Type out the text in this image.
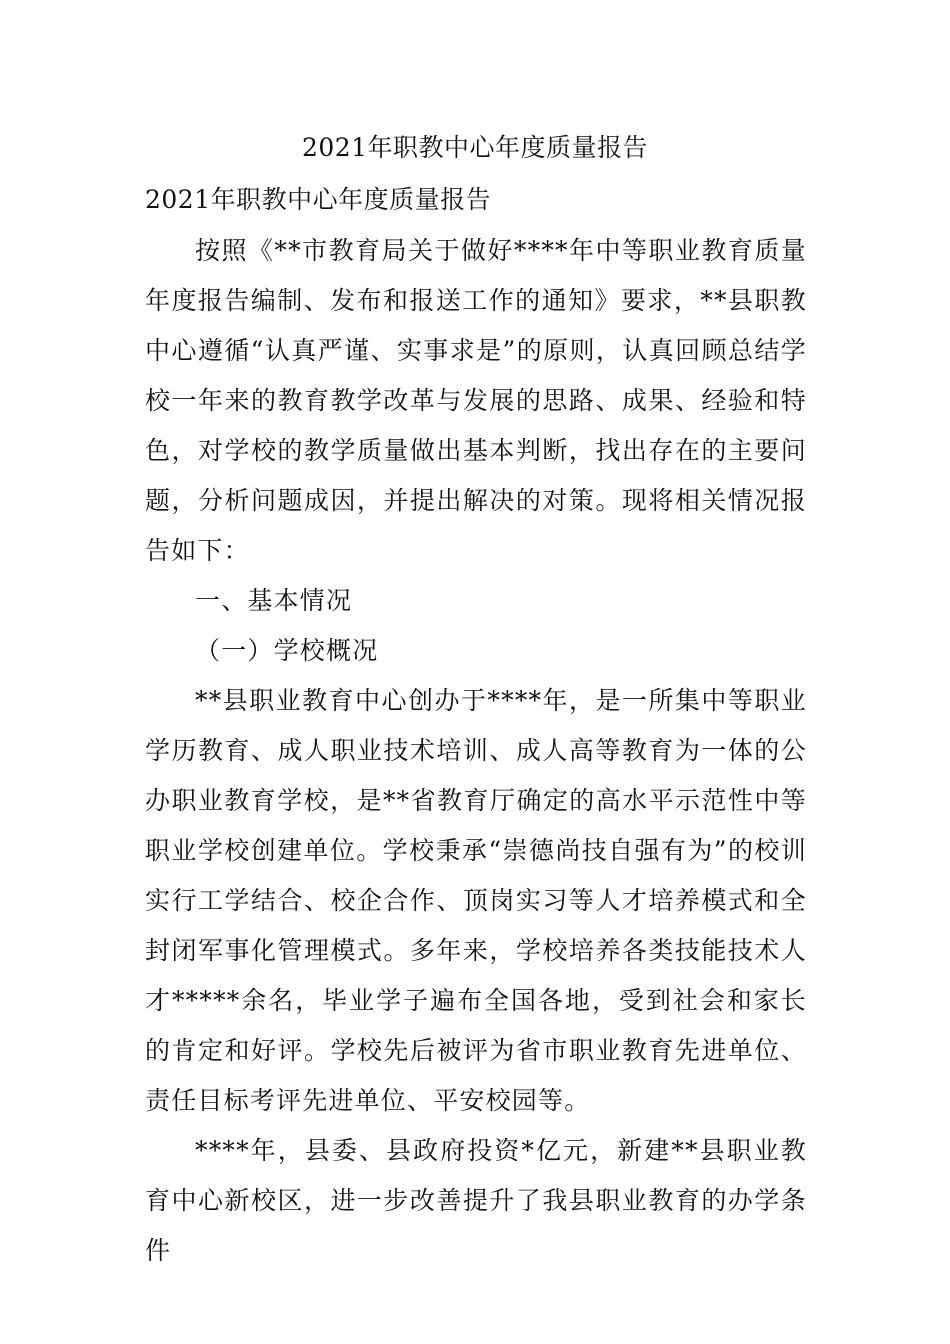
2021年职教中心年度质量报告
2021年职教中心年度质量报告

按照《**市教育局关于做好****年中等职业教育质量年度报告编制、发布和报送工作的通知》要求，**县职教中心遵循“认真严谨、实事求是”的原则，认真回顾总结学校一年来的教育教学改革与发展的思路、成果、经验和特色，对学校的教学质量做出基本判断，找出存在的主要问题，分析问题成因，并提出解决的对策。现将相关情况报告如下：

一、基本情况

（一）学校概况

**县职业教育中心创办于****年，是一所集中等职业学历教育、成人职业技术培训、成人高等教育为一体的公办职业教育学校，是**省教育厅确定的高水平示范性中等职业学校创建单位。学校秉承“崇德尚技自强有为”的校训实行工学结合、校企合作、顶岗实习等人才培养模式和全封闭军事化管理模式。多年来，学校培养各类技能技术人才*****余名，毕业学子遍布全国各地，受到社会和家长的肯定和好评。学校先后被评为省市职业教育先进单位、责任目标考评先进单位、平安校园等。

****年，县委、县政府投资*亿元，新建**县职业教育中心新校区，进一步改善提升了我县职业教育的办学条件
